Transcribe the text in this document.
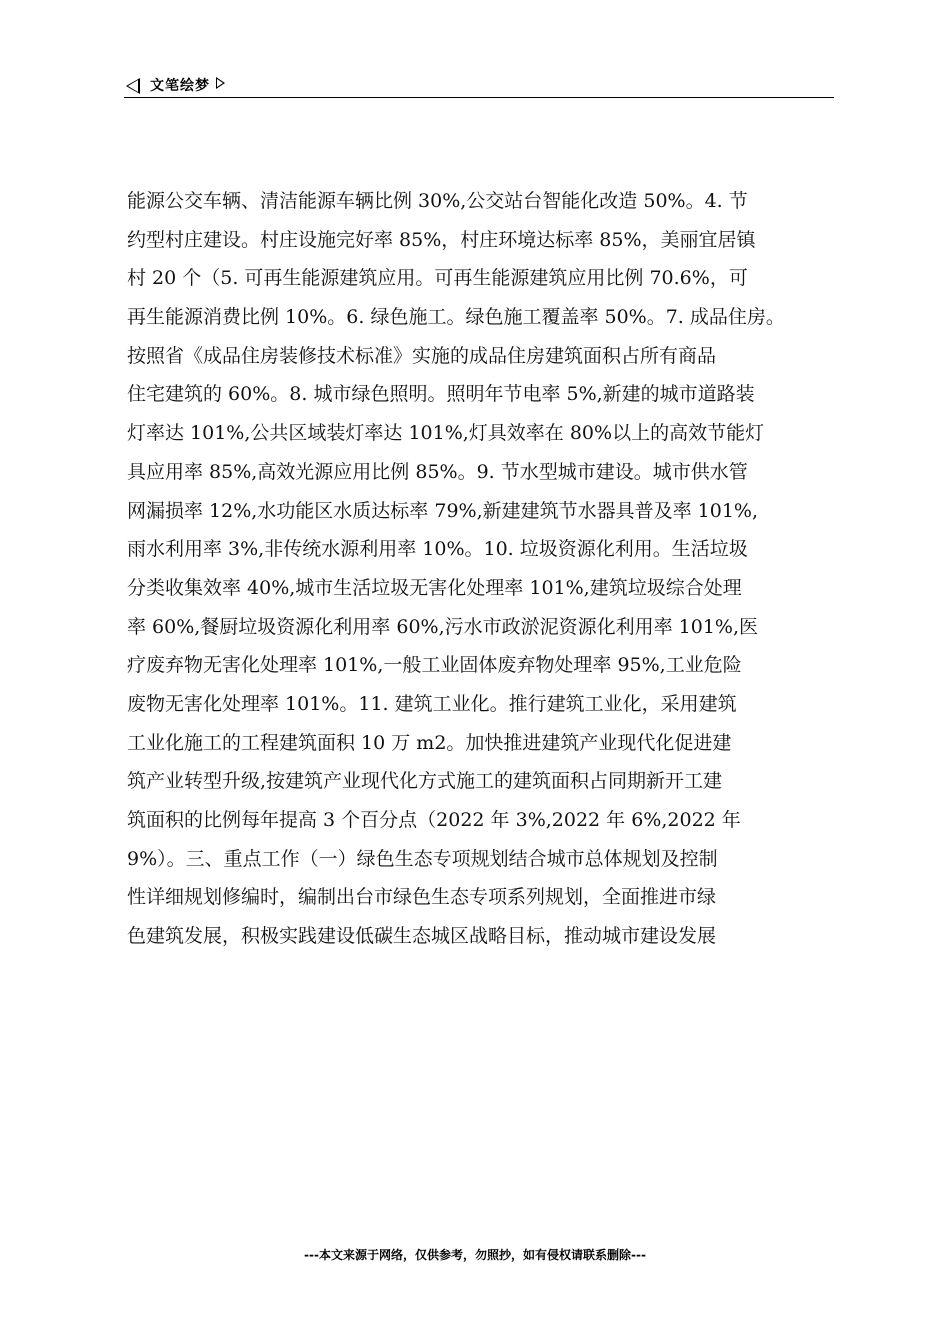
文笔绘梦
能源公交车辆、清洁能源车辆比例 30%,公交站台智能化改造 50%。4. 节
约型村庄建设。村庄设施完好率 85%，村庄环境达标率 85%，美丽宜居镇
村 20 个（5. 可再生能源建筑应用。可再生能源建筑应用比例 70.6%，可
再生能源消费比例 10%。6. 绿色施工。绿色施工覆盖率 50%。7. 成品住房。
按照省《成品住房装修技术标准》实施的成品住房建筑面积占所有商品
住宅建筑的 60%。8. 城市绿色照明。照明年节电率 5%,新建的城市道路装
灯率达 101%,公共区域装灯率达 101%,灯具效率在 80%以上的高效节能灯
具应用率 85%,高效光源应用比例 85%。9. 节水型城市建设。城市供水管
网漏损率 12%,水功能区水质达标率 79%,新建建筑节水器具普及率 101%,
雨水利用率 3%,非传统水源利用率 10%。10. 垃圾资源化利用。生活垃圾
分类收集效率 40%,城市生活垃圾无害化处理率 101%,建筑垃圾综合处理
率 60%,餐厨垃圾资源化利用率 60%,污水市政淤泥资源化利用率 101%,医
疗废弃物无害化处理率 101%,一般工业固体废弃物处理率 95%,工业危险
废物无害化处理率 101%。11. 建筑工业化。推行建筑工业化，采用建筑
工业化施工的工程建筑面积 10 万 m2。加快推进建筑产业现代化促进建
筑产业转型升级,按建筑产业现代化方式施工的建筑面积占同期新开工建
筑面积的比例每年提高 3 个百分点（2022 年 3%,2022 年 6%,2022 年
9%）。三、重点工作（一）绿色生态专项规划结合城市总体规划及控制
性详细规划修编时，编制出台市绿色生态专项系列规划，全面推进市绿
色建筑发展，积极实践建设低碳生态城区战略目标，推动城市建设发展
---本文来源于网络，仅供参考，勿照抄，如有侵权请联系删除---
